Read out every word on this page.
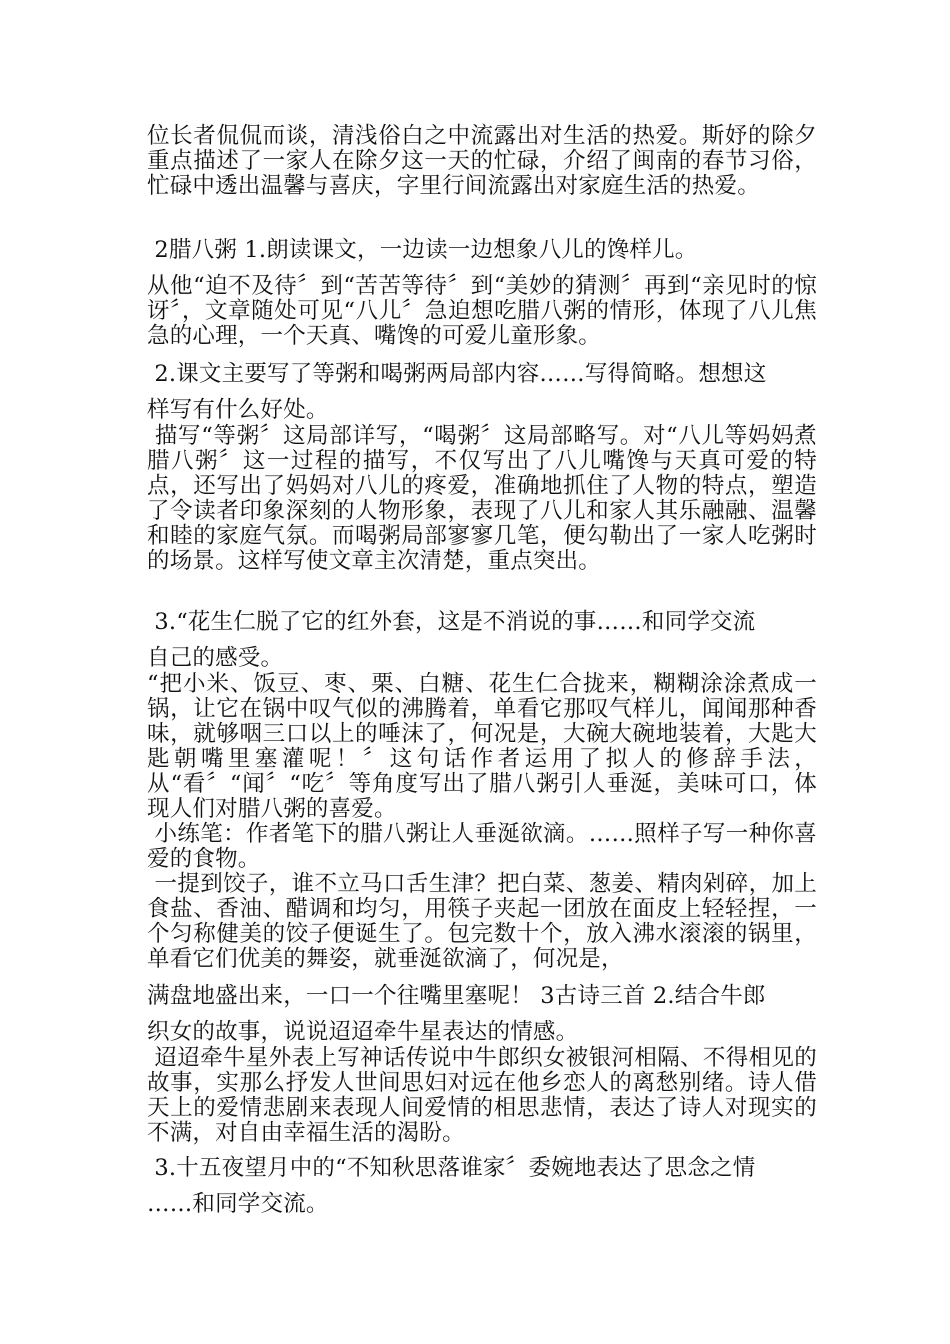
位长者侃侃而谈，清浅俗白之中流露出对生活的热爱。斯妤的除夕重点描述了一家人在除夕这一天的忙碌，介绍了闽南的春节习俗，忙碌中透出温馨与喜庆，字里行间流露出对家庭生活的热爱。

2腊八粥 1.朗读课文，一边读一边想象八儿的馋样儿。

从他“迫不及待〞到“苦苦等待〞到“美妙的猜测〞再到“亲见时的惊讶〞，文章随处可见“八儿〞急迫想吃腊八粥的情形，体现了八儿焦急的心理，一个天真、嘴馋的可爱儿童形象。

2.课文主要写了等粥和喝粥两局部内容……写得简略。想想这

样写有什么好处。

描写“等粥〞这局部详写，“喝粥〞这局部略写。对“八儿等妈妈煮腊八粥〞这一过程的描写，不仅写出了八儿嘴馋与天真可爱的特点，还写出了妈妈对八儿的疼爱，准确地抓住了人物的特点，塑造了令读者印象深刻的人物形象，表现了八儿和家人其乐融融、温馨和睦的家庭气氛。而喝粥局部寥寥几笔，便勾勒出了一家人吃粥时的场景。这样写使文章主次清楚，重点突出。

3.“花生仁脱了它的红外套，这是不消说的事……和同学交流

自己的感受。

“把小米、饭豆、枣、栗、白糖、花生仁合拢来，糊糊涂涂煮成一锅，让它在锅中叹气似的沸腾着，单看它那叹气样儿，闻闻那种香味，就够咽三口以上的唾沫了，何况是，大碗大碗地装着，大匙大匙朝嘴里塞灌呢！〞这句话作者运用了拟人的修辞手法，从“看〞“闻〞“吃〞等角度写出了腊八粥引人垂涎，美味可口，体现人们对腊八粥的喜爱。

小练笔：作者笔下的腊八粥让人垂涎欲滴。……照样子写一种你喜爱的食物。

一提到饺子，谁不立马口舌生津？把白菜、葱姜、精肉剁碎，加上食盐、香油、醋调和均匀，用筷子夹起一团放在面皮上轻轻捏，一个匀称健美的饺子便诞生了。包完数十个，放入沸水滚滚的锅里，单看它们优美的舞姿，就垂涎欲滴了，何况是，

满盘地盛出来，一口一个往嘴里塞呢！ 3古诗三首 2.结合牛郎

织女的故事，说说迢迢牵牛星表达的情感。

迢迢牵牛星外表上写神话传说中牛郎织女被银河相隔、不得相见的故事，实那么抒发人世间思妇对远在他乡恋人的离愁别绪。诗人借天上的爱情悲剧来表现人间爱情的相思悲情，表达了诗人对现实的不满，对自由幸福生活的渴盼。

3.十五夜望月中的“不知秋思落谁家〞委婉地表达了思念之情

……和同学交流。
